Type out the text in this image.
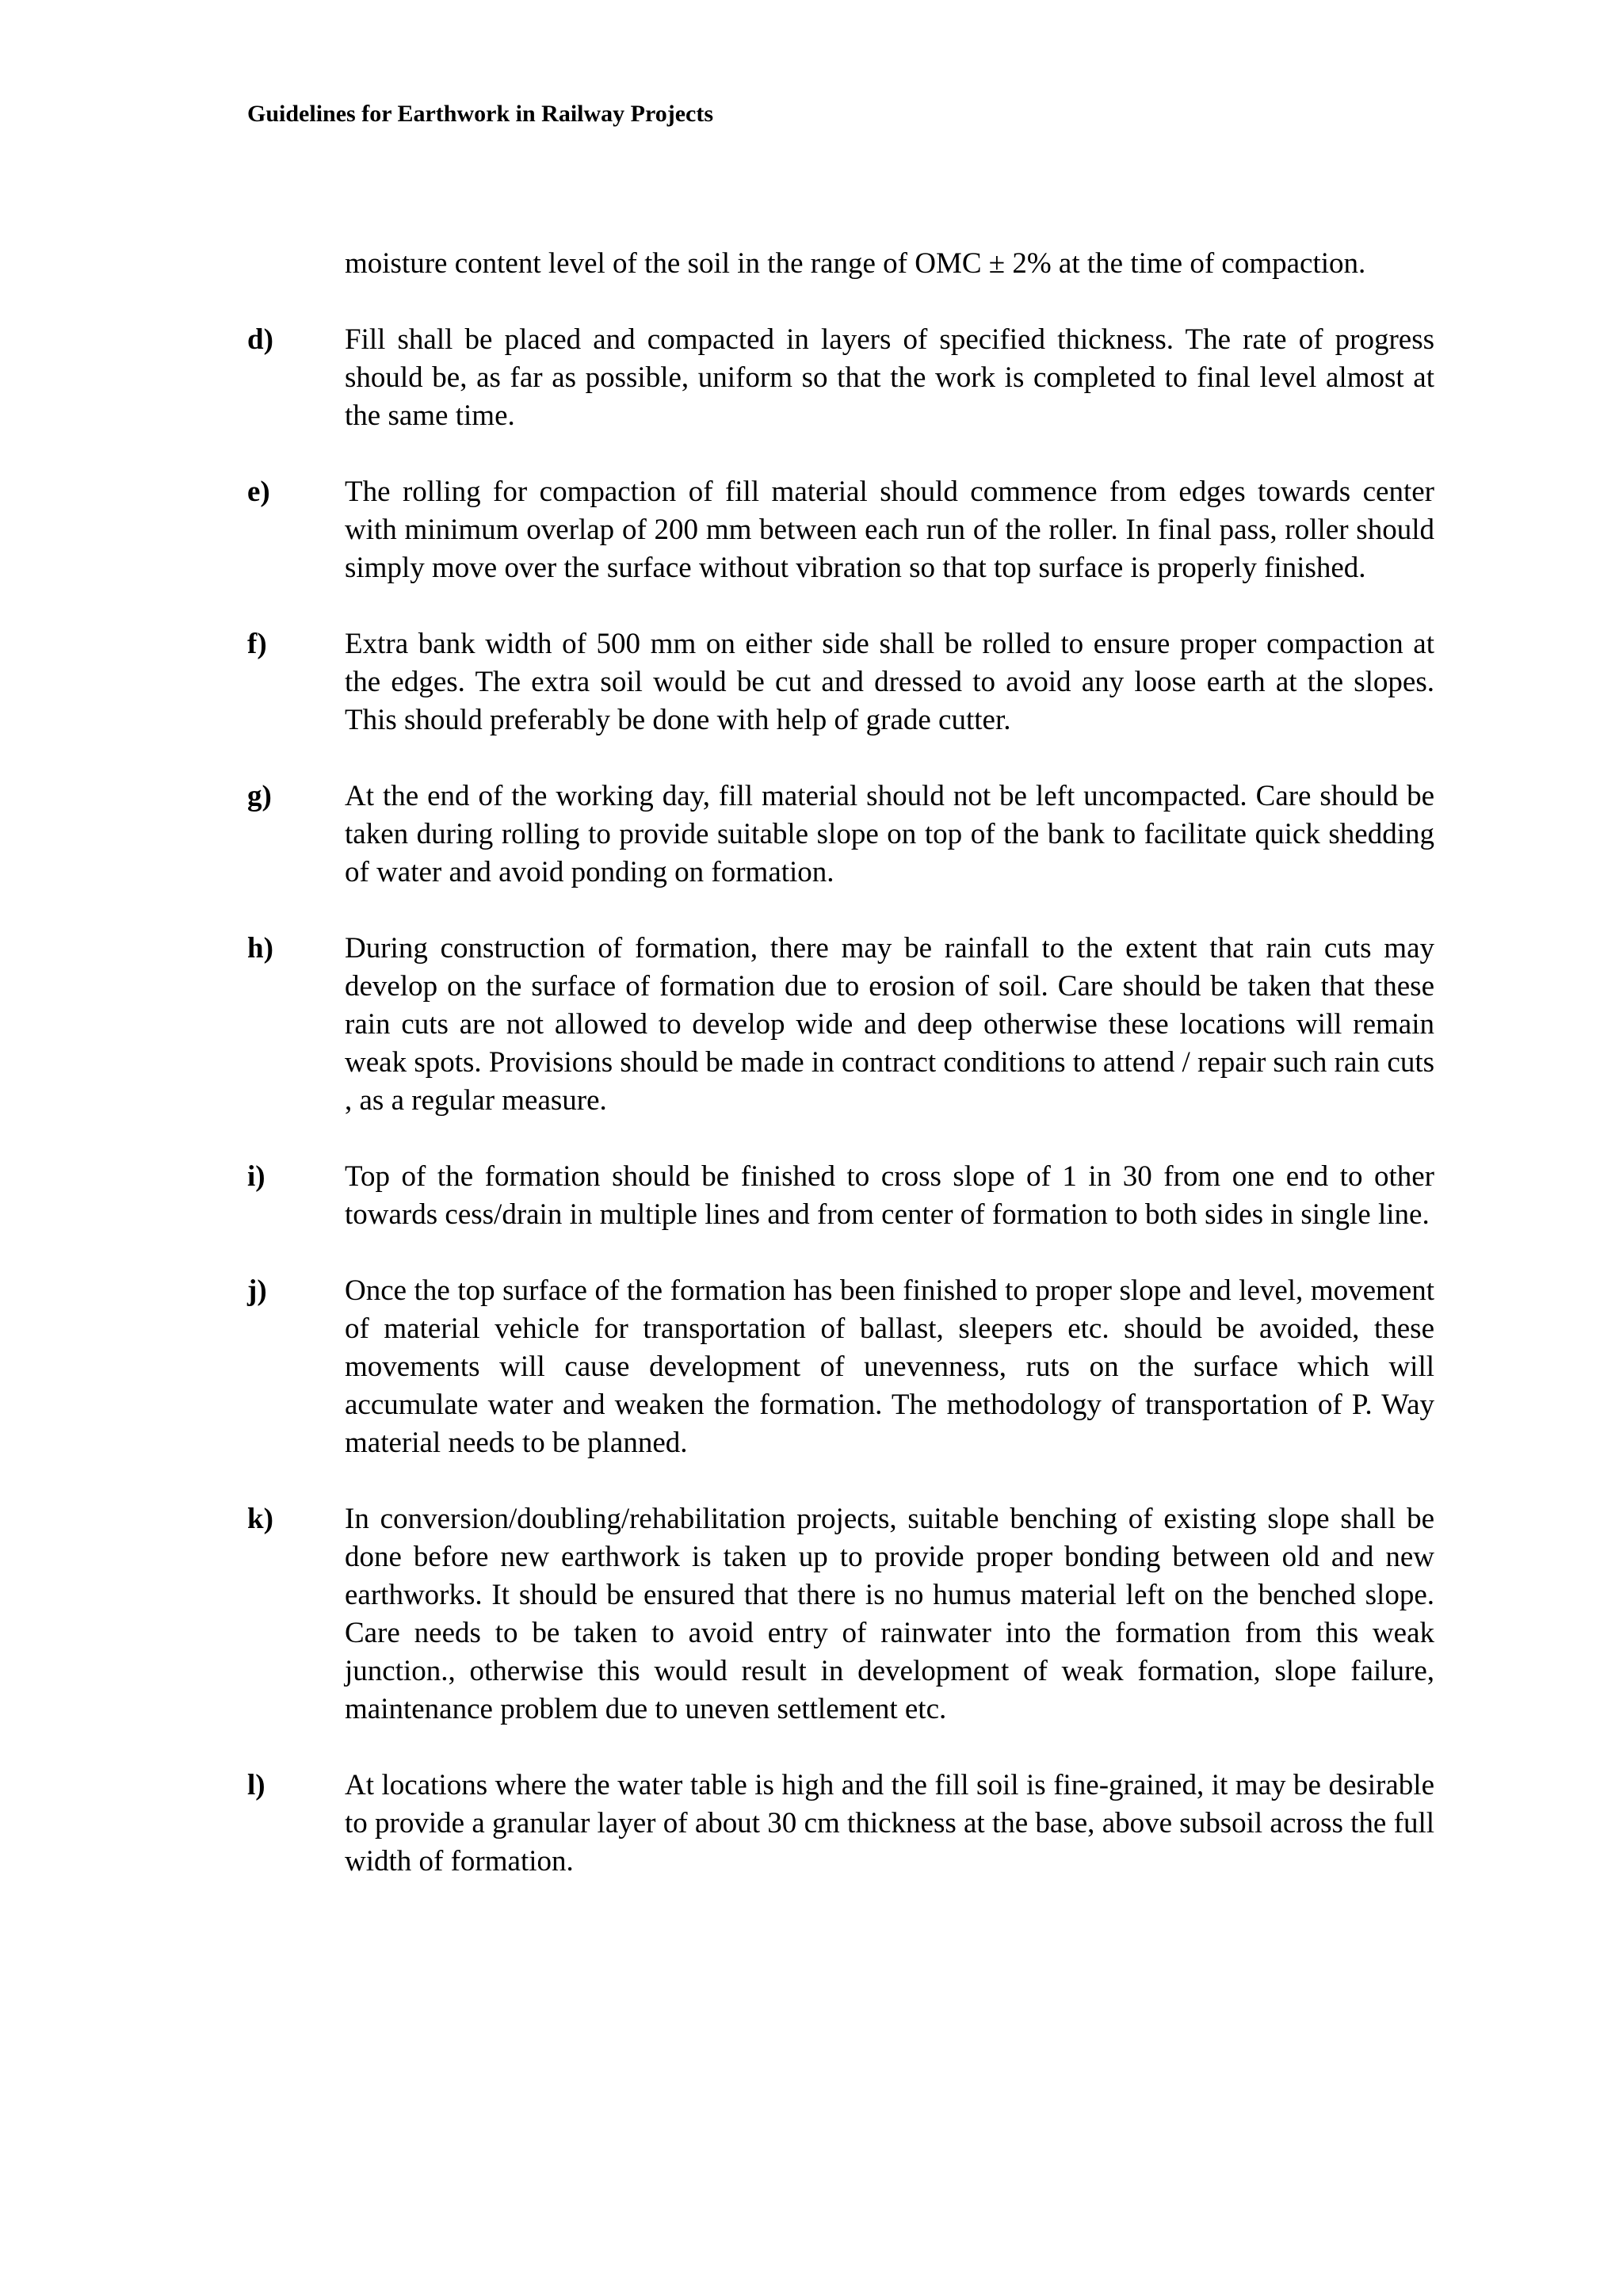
Guidelines for Earthwork in Railway Projects
moisture content level of the soil in the range of OMC ± 2% at the time of compaction.
d)	Fill shall be placed and compacted in layers of specified thickness. The rate of progress should be, as far as possible, uniform so that the work is completed to final level almost at the same time.
e)	The rolling for compaction of fill material should commence from edges towards center with minimum overlap of 200 mm between each run of the roller. In final pass, roller should simply move over the surface without vibration so that top surface is properly finished.
f)	Extra bank width of 500 mm on either side shall be rolled to ensure proper compaction at the edges. The extra soil would be cut and dressed to avoid any loose earth at the slopes. This should preferably be done with help of grade cutter.
g)	At the end of the working day, fill material should not be left uncompacted. Care should be taken during rolling to provide suitable slope on top of the bank to facilitate quick shedding of water and avoid ponding on formation.
h)	During construction of formation, there may be rainfall to the extent that rain cuts may develop on the surface of formation due to erosion of soil. Care should be taken that these rain cuts are not allowed to develop wide and deep otherwise these locations will remain weak spots. Provisions should be made in contract conditions to attend / repair such rain cuts , as a regular measure.
i)	Top of the formation should be finished to cross slope of 1 in 30 from one end to other towards cess/drain in multiple lines and from center of formation to both sides in single line.
j)	Once the top surface of the formation has been finished to proper slope and level, movement of material vehicle for transportation of ballast, sleepers etc. should be avoided, these movements will cause development of unevenness, ruts on the surface which will accumulate water and weaken the formation. The methodology of transportation of P. Way material needs to be planned.
k)	In conversion/doubling/rehabilitation projects, suitable benching of existing slope shall be done before new earthwork is taken up to provide proper bonding between old and new earthworks. It should be ensured that there is no humus material left on the benched slope. Care needs to be taken to avoid entry of rainwater into the formation from this weak junction., otherwise this would result in development of weak formation, slope failure, maintenance problem due to uneven settlement etc.
l)	At locations where the water table is high and the fill soil is fine-grained, it may be desirable to provide a granular layer of about 30 cm thickness at the base, above subsoil across the full width of formation.
